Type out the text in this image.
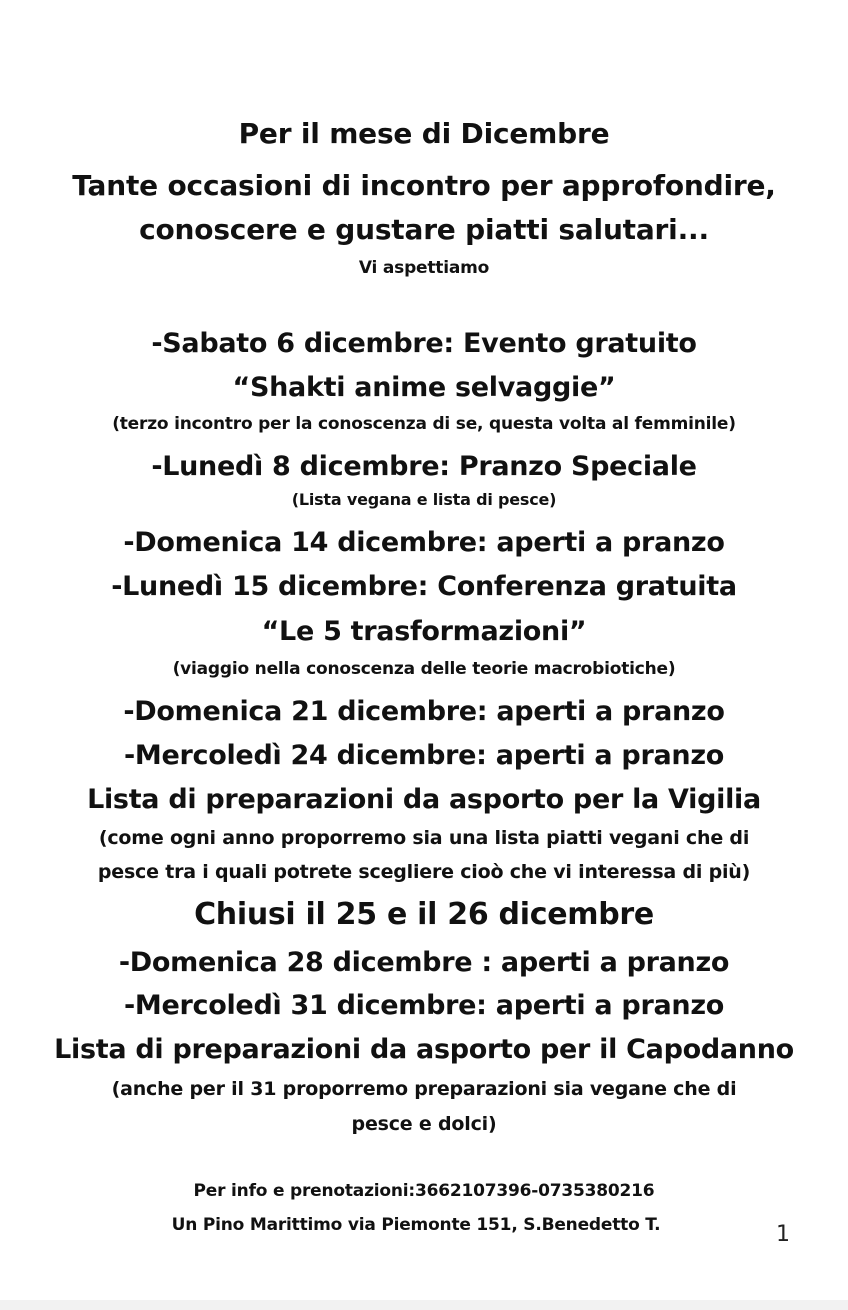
Per il mese di Dicembre
Tante occasioni di incontro per approfondire,
conoscere e gustare piatti salutari...
Vi aspettiamo
-Sabato 6 dicembre: Evento gratuito
“Shakti anime selvaggie”
(terzo incontro per la conoscenza di se, questa volta al femminile)
-Lunedì 8 dicembre: Pranzo Speciale
(Lista vegana e lista di pesce)
-Domenica 14 dicembre: aperti a pranzo
-Lunedì 15 dicembre: Conferenza gratuita
“Le 5 trasformazioni”
(viaggio nella conoscenza delle teorie macrobiotiche)
-Domenica 21 dicembre: aperti a pranzo
-Mercoledì 24 dicembre: aperti a pranzo
Lista di preparazioni da asporto per la Vigilia
(come ogni anno proporremo sia una lista piatti vegani che di
pesce tra i quali potrete scegliere cioò che vi interessa di più)
Chiusi il 25 e il 26 dicembre
-Domenica 28 dicembre : aperti a pranzo
-Mercoledì 31 dicembre: aperti a pranzo
Lista di preparazioni da asporto per il Capodanno
(anche per il 31 proporremo preparazioni sia vegane che di
pesce e dolci)
Per info e prenotazioni:3662107396-0735380216
Un Pino Marittimo via Piemonte 151, S.Benedetto T.	1
